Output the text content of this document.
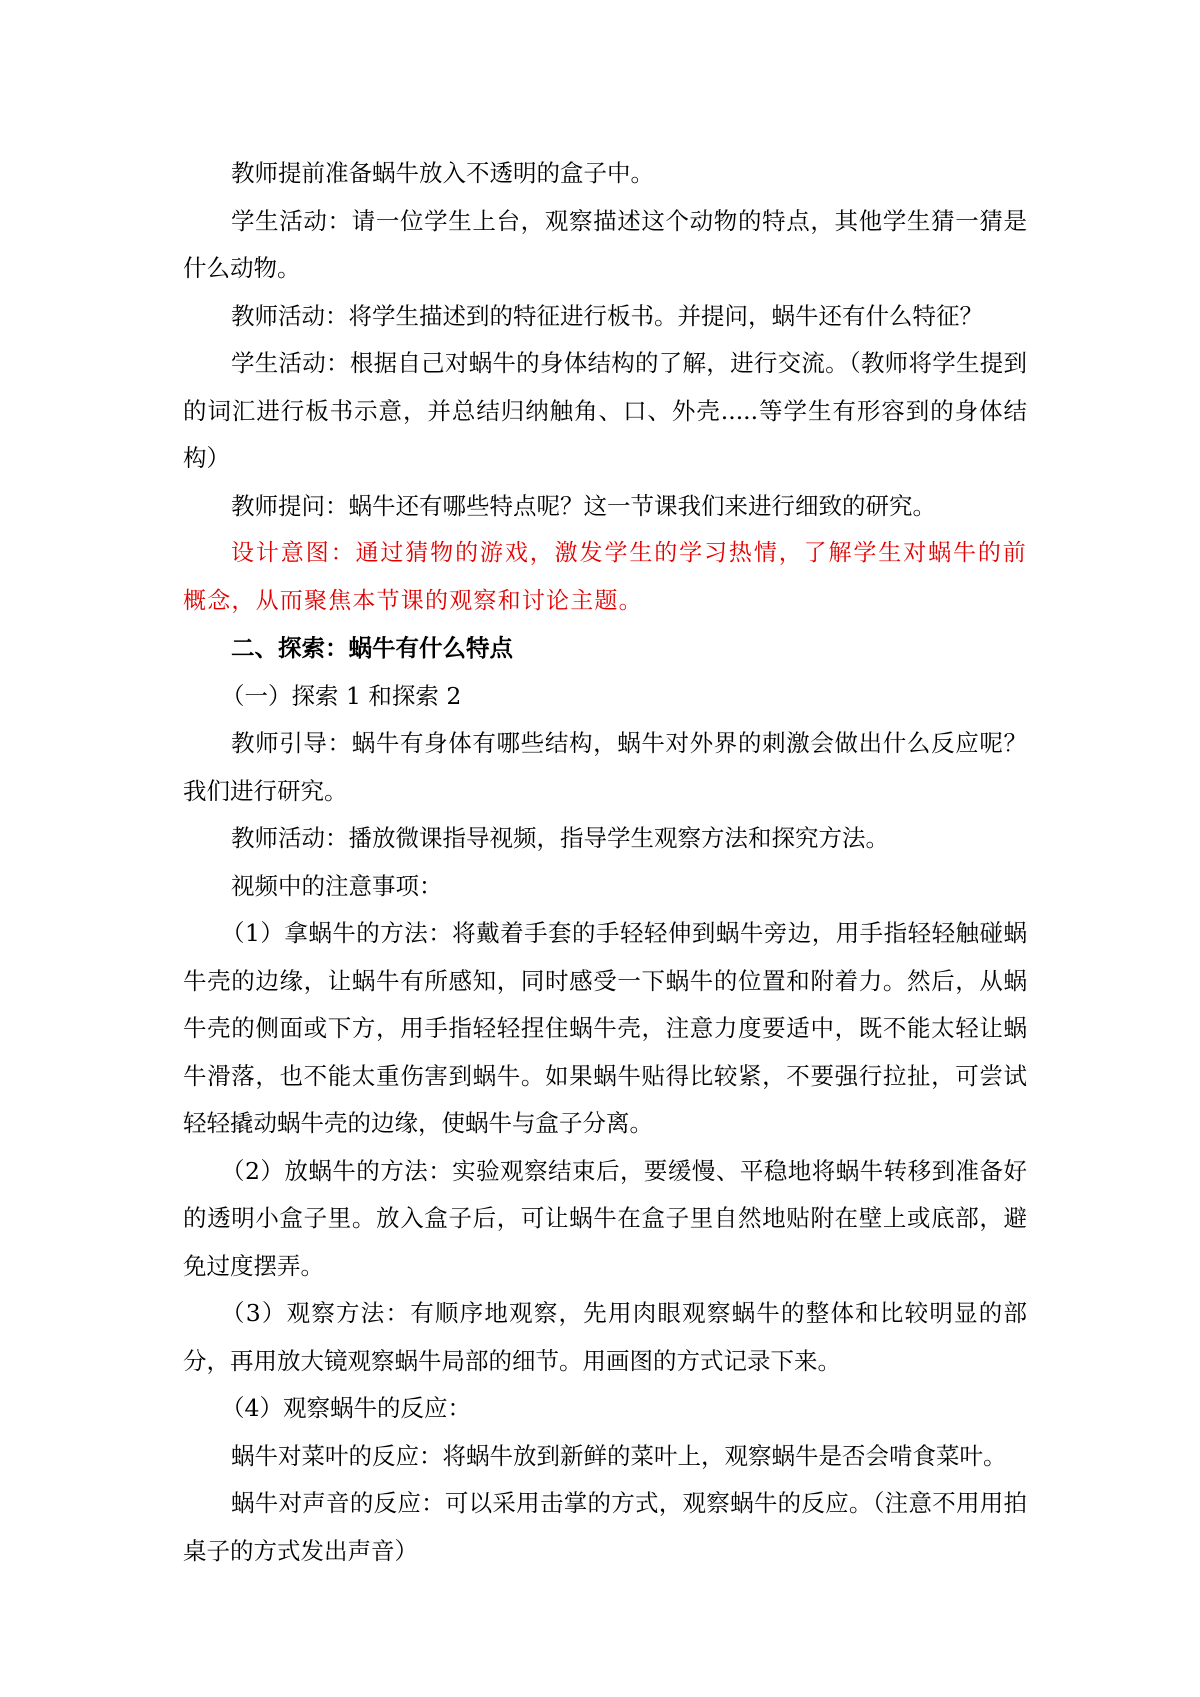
教师提前准备蜗牛放入不透明的盒子中。

学生活动：请一位学生上台，观察描述这个动物的特点，其他学生猜一猜是什么动物。

教师活动：将学生描述到的特征进行板书。并提问，蜗牛还有什么特征？

学生活动：根据自己对蜗牛的身体结构的了解，进行交流。（教师将学生提到的词汇进行板书示意，并总结归纳触角、口、外壳.....等学生有形容到的身体结构）

教师提问：蜗牛还有哪些特点呢？这一节课我们来进行细致的研究。

设计意图：通过猜物的游戏，激发学生的学习热情，了解学生对蜗牛的前概念，从而聚焦本节课的观察和讨论主题。

二、探索：蜗牛有什么特点

（一）探索 1 和探索 2

教师引导：蜗牛有身体有哪些结构，蜗牛对外界的刺激会做出什么反应呢？我们进行研究。

教师活动：播放微课指导视频，指导学生观察方法和探究方法。

视频中的注意事项：

（1）拿蜗牛的方法：将戴着手套的手轻轻伸到蜗牛旁边，用手指轻轻触碰蜗牛壳的边缘，让蜗牛有所感知，同时感受一下蜗牛的位置和附着力。然后，从蜗牛壳的侧面或下方，用手指轻轻捏住蜗牛壳，注意力度要适中，既不能太轻让蜗牛滑落，也不能太重伤害到蜗牛。如果蜗牛贴得比较紧，不要强行拉扯，可尝试轻轻撬动蜗牛壳的边缘，使蜗牛与盒子分离。

（2）放蜗牛的方法：实验观察结束后，要缓慢、平稳地将蜗牛转移到准备好的透明小盒子里。放入盒子后，可让蜗牛在盒子里自然地贴附在壁上或底部，避免过度摆弄。

（3）观察方法：有顺序地观察，先用肉眼观察蜗牛的整体和比较明显的部分，再用放大镜观察蜗牛局部的细节。用画图的方式记录下来。

（4）观察蜗牛的反应：

蜗牛对菜叶的反应：将蜗牛放到新鲜的菜叶上，观察蜗牛是否会啃食菜叶。

蜗牛对声音的反应：可以采用击掌的方式，观察蜗牛的反应。（注意不用用拍桌子的方式发出声音）
